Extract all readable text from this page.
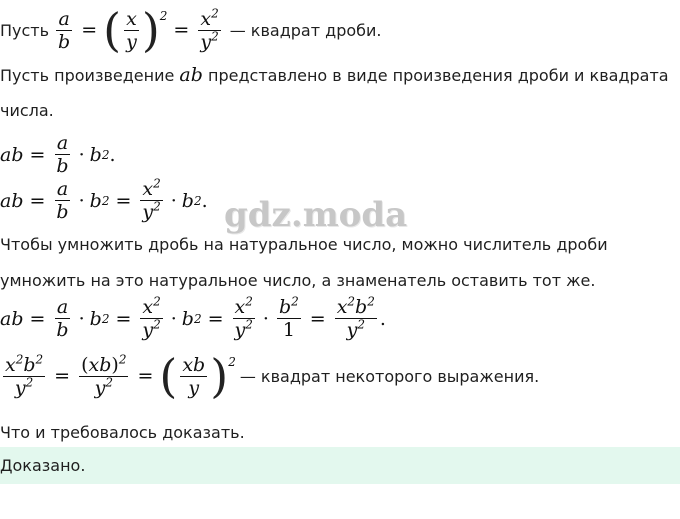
gdz.moda
Пусть $\frac{a}{b}$ = ( $\frac{x}{y} )^2$
= $\frac{x^2}{y^2}$ — квадрат дроби.
Пусть произведение ab представлено в виде произведения дроби и квадрата
числа.
ab = $\frac{a}{b} \cdot b$ 2 .
ab = $\frac{a}{b} \cdot b$ $2 = \frac{x^2}{y^2} \cdot b$ 2 .
Чтобы умножить дробь на натуральное число, можно числитель дроби
умножить на это натуральное число, а знаменатель оставить тот же.
ab = $\frac{a}{b} \cdot b$ $2 = \frac{x^2}{y^2} \cdot b$ $2 = \frac{x^2}{y^2} \cdot \frac{b^2}{1} = \frac{x^2b^2}{y^2}$ .
$\frac{x^2b^2}{y^2} = \frac{(xb)^2}{y^2}$ = ( $\frac{xb}{y} )^2$
— квадрат некоторого выражения.
Что и требовалось доказать.
Доказано.
